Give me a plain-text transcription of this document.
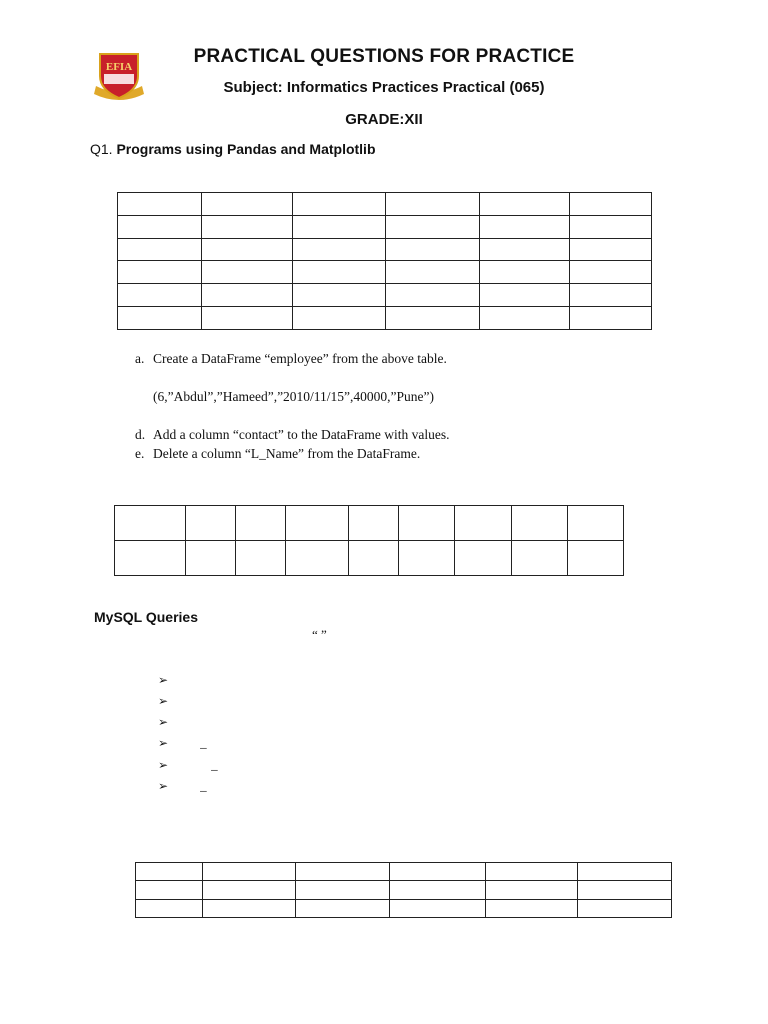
EFIA	PRACTICAL QUESTIONS FOR PRACTICE
Subject: Informatics Practices Practical (065)
GRADE:XII
Q1. Programs using Pandas and Matplotlib

a. Create a DataFrame “employee” from the above table.
(6,”Abdul”,”Hameed”,”2010/11/15”,40000,”Pune”)
d. Add a column “contact” to the DataFrame with values.
e. Delete a column “L_Name” from the DataFrame.

MySQL Queries
“ ”
➢
➢
➢
➢ _
➢	_
➢ _
